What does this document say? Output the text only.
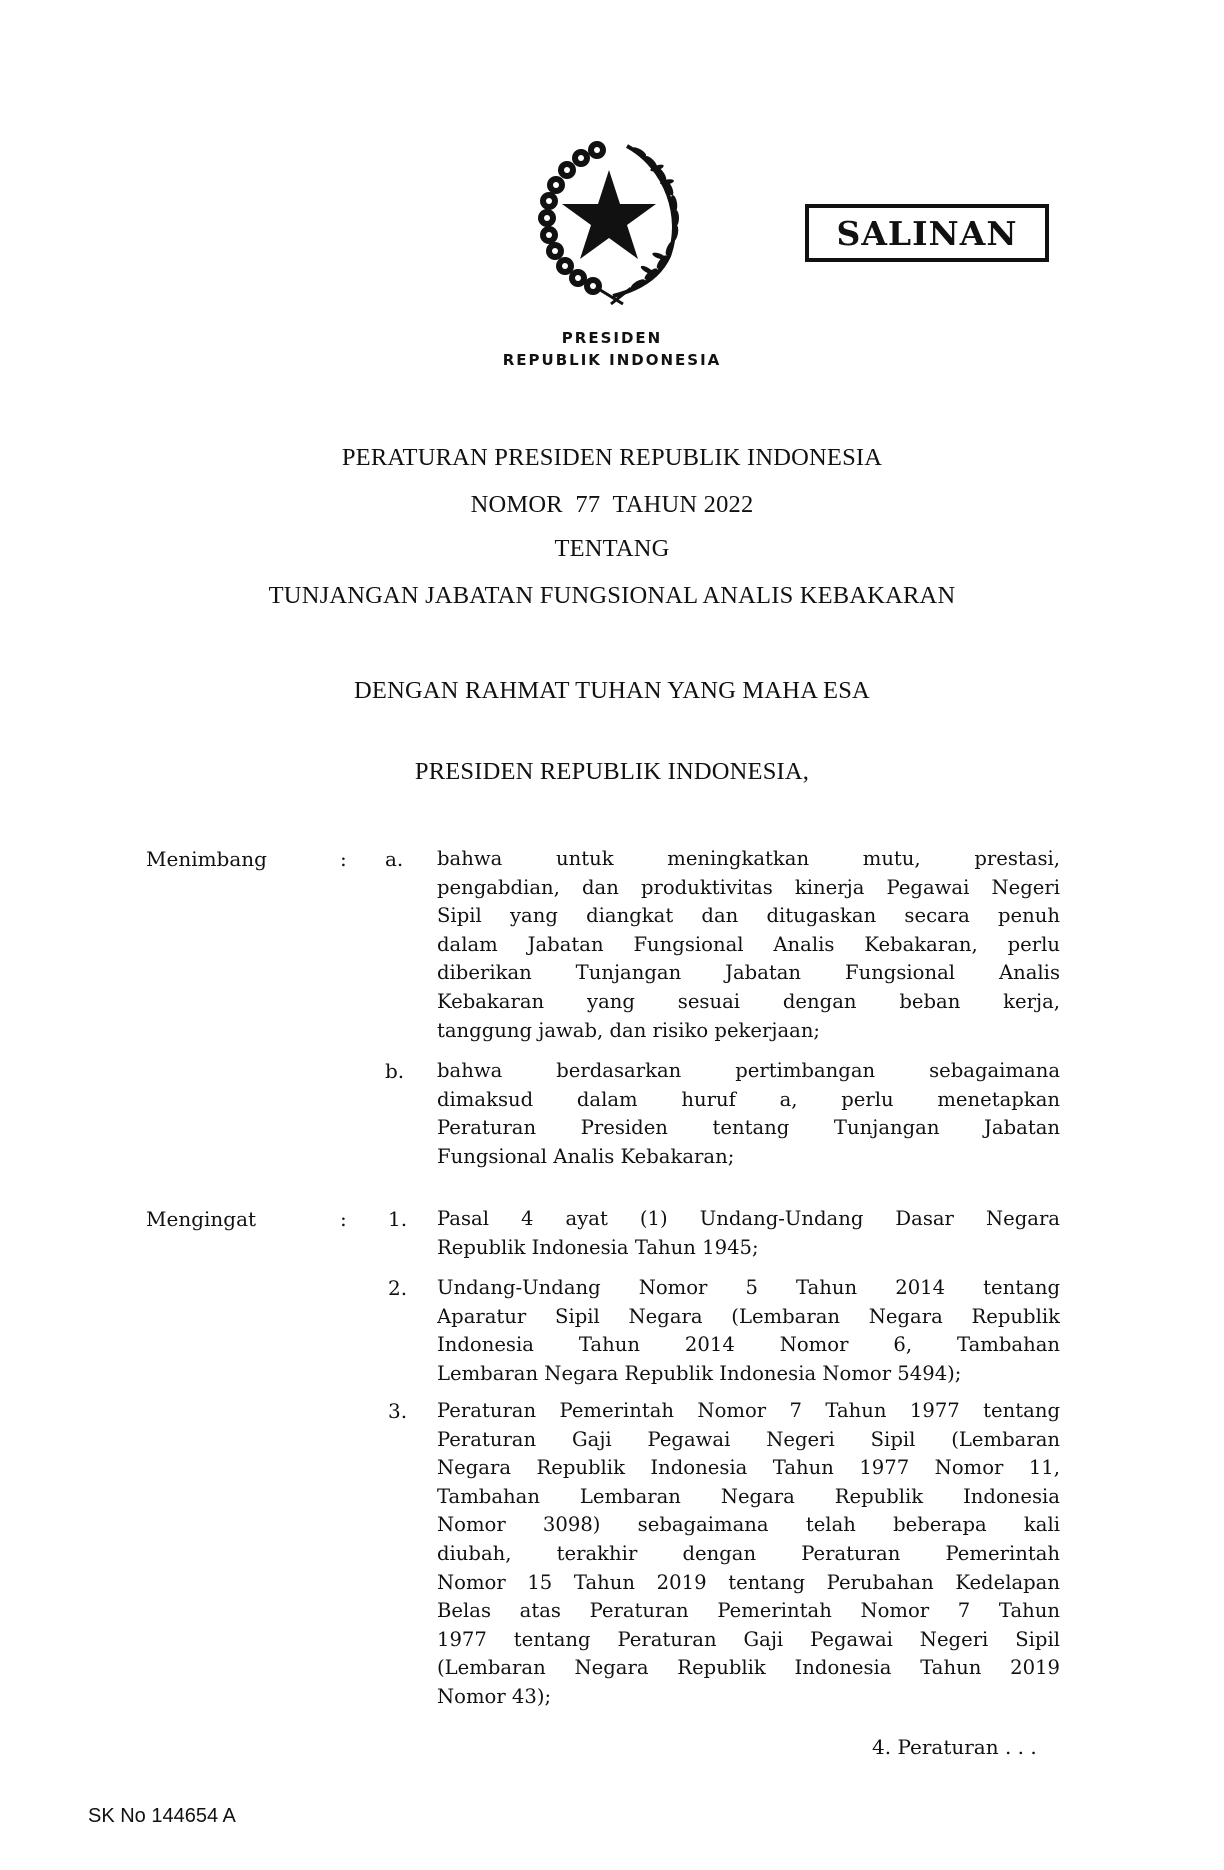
SALINAN
PRESIDEN
REPUBLIK INDONESIA
PERATURAN PRESIDEN REPUBLIK INDONESIA
NOMOR  77  TAHUN 2022
TENTANG
TUNJANGAN JABATAN FUNGSIONAL ANALIS KEBAKARAN
DENGAN RAHMAT TUHAN YANG MAHA ESA
PRESIDEN REPUBLIK INDONESIA,
Menimbang	: a. bahwa untuk meningkatkan mutu, prestasi,
pengabdian, dan produktivitas kinerja Pegawai Negeri
Sipil yang diangkat dan ditugaskan secara penuh
dalam Jabatan Fungsional Analis Kebakaran, perlu
diberikan Tunjangan Jabatan Fungsional Analis
Kebakaran yang sesuai dengan beban kerja,
tanggung jawab, dan risiko pekerjaan;
b. bahwa berdasarkan pertimbangan sebagaimana
dimaksud dalam huruf a, perlu menetapkan
Peraturan Presiden tentang Tunjangan Jabatan
Fungsional Analis Kebakaran;
Mengingat	: 1. Pasal 4 ayat (1) Undang-Undang Dasar Negara
Republik Indonesia Tahun 1945;
2. Undang-Undang Nomor 5 Tahun 2014 tentang
Aparatur Sipil Negara (Lembaran Negara Republik
Indonesia Tahun 2014 Nomor 6, Tambahan
Lembaran Negara Republik Indonesia Nomor 5494);
3. Peraturan Pemerintah Nomor 7 Tahun 1977 tentang
Peraturan Gaji Pegawai Negeri Sipil (Lembaran
Negara Republik Indonesia Tahun 1977 Nomor 11,
Tambahan Lembaran Negara Republik Indonesia
Nomor 3098) sebagaimana telah beberapa kali
diubah, terakhir dengan Peraturan Pemerintah
Nomor 15 Tahun 2019 tentang Perubahan Kedelapan
Belas atas Peraturan Pemerintah Nomor 7 Tahun
1977 tentang Peraturan Gaji Pegawai Negeri Sipil
(Lembaran Negara Republik Indonesia Tahun 2019
Nomor 43);
4. Peraturan . . .
SK No 144654 A
